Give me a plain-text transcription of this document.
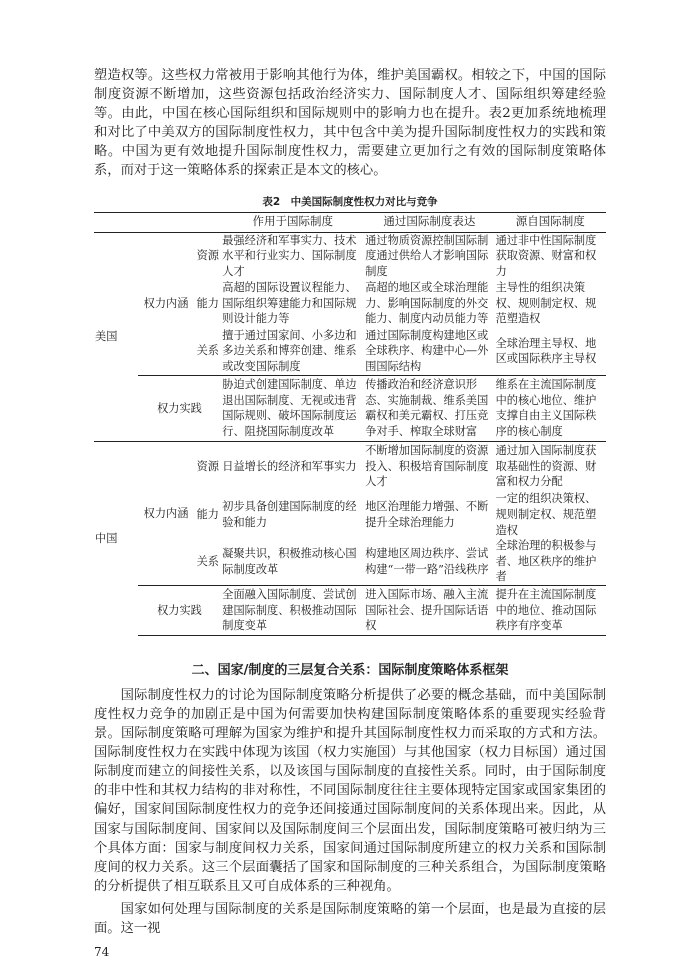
塑造权等。这些权力常被用于影响其他行为体，维护美国霸权。相较之下，中国的国际制度资源不断增加，这些资源包括政治经济实力、国际制度人才、国际组织筹建经验等。由此，中国在核心国际组织和国际规则中的影响力也在提升。表2更加系统地梳理和对比了中美双方的国际制度性权力，其中包含中美为提升国际制度性权力的实践和策略。中国为更有效地提升国际制度性权力，需要建立更加行之有效的国际制度策略体系，而对于这一策略体系的探索正是本文的核心。

表2　中美国际制度性权力对比与竞争
			作用于国际制度	通过国际制度表达	源自国际制度
美国	权力内涵	资源	最强经济和军事实力、技术水平和行业实力、国际制度人才	通过物质资源控制国际制度通过供给人才影响国际制度	通过非中性国际制度获取资源、财富和权力
		能力	高超的国际设置议程能力、国际组织筹建能力和国际规则设计能力等	高超的地区或全球治理能力、影响国际制度的外交能力、制度内动员能力等	主导性的组织决策权、规则制定权、规范塑造权
		关系	擅于通过国家间、小多边和多边关系和博弈创建、维系或改变国际制度	通过国际制度构建地区或全球秩序、构建中心—外围国际结构	全球治理主导权、地区或国际秩序主导权
	权力实践		胁迫式创建国际制度、单边退出国际制度、无视或违背国际规则、破坏国际制度运行、阻挠国际制度改革	传播政治和经济意识形态、实施制裁、维系美国霸权和美元霸权、打压竞争对手、榨取全球财富	维系在主流国际制度中的核心地位、维护支撑自由主义国际秩序的核心制度
中国	权力内涵	资源	日益增长的经济和军事实力	不断增加国际制度的资源投入、积极培育国际制度人才	通过加入国际制度获取基础性的资源、财富和权力分配
		能力	初步具备创建国际制度的经验和能力	地区治理能力增强、不断提升全球治理能力	一定的组织决策权、规则制定权、规范塑造权
		关系	凝聚共识，积极推动核心国际制度改革	构建地区周边秩序、尝试构建“一带一路”沿线秩序	全球治理的积极参与者、地区秩序的维护者
	权力实践		全面融入国际制度、尝试创建国际制度、积极推动国际制度变革	进入国际市场、融入主流国际社会、提升国际话语权	提升在主流国际制度中的地位、推动国际秩序有序变革
二、国家/制度的三层复合关系：国际制度策略体系框架

国际制度性权力的讨论为国际制度策略分析提供了必要的概念基础，而中美国际制度性权力竞争的加剧正是中国为何需要加快构建国际制度策略体系的重要现实经验背景。国际制度策略可理解为国家为维护和提升其国际制度性权力而采取的方式和方法。国际制度性权力在实践中体现为该国（权力实施国）与其他国家（权力目标国）通过国际制度而建立的间接性关系，以及该国与国际制度的直接性关系。同时，由于国际制度的非中性和其权力结构的非对称性，不同国际制度往往主要体现特定国家或国家集团的偏好，国家间国际制度性权力的竞争还间接通过国际制度间的关系体现出来。因此，从国家与国际制度间、国家间以及国际制度间三个层面出发，国际制度策略可被归纳为三个具体方面：国家与制度间权力关系，国家间通过国际制度所建立的权力关系和国际制度间的权力关系。这三个层面囊括了国家和国际制度的三种关系组合，为国际制度策略的分析提供了相互联系且又可自成体系的三种视角。

国家如何处理与国际制度的关系是国际制度策略的第一个层面，也是最为直接的层面。这一视

74
